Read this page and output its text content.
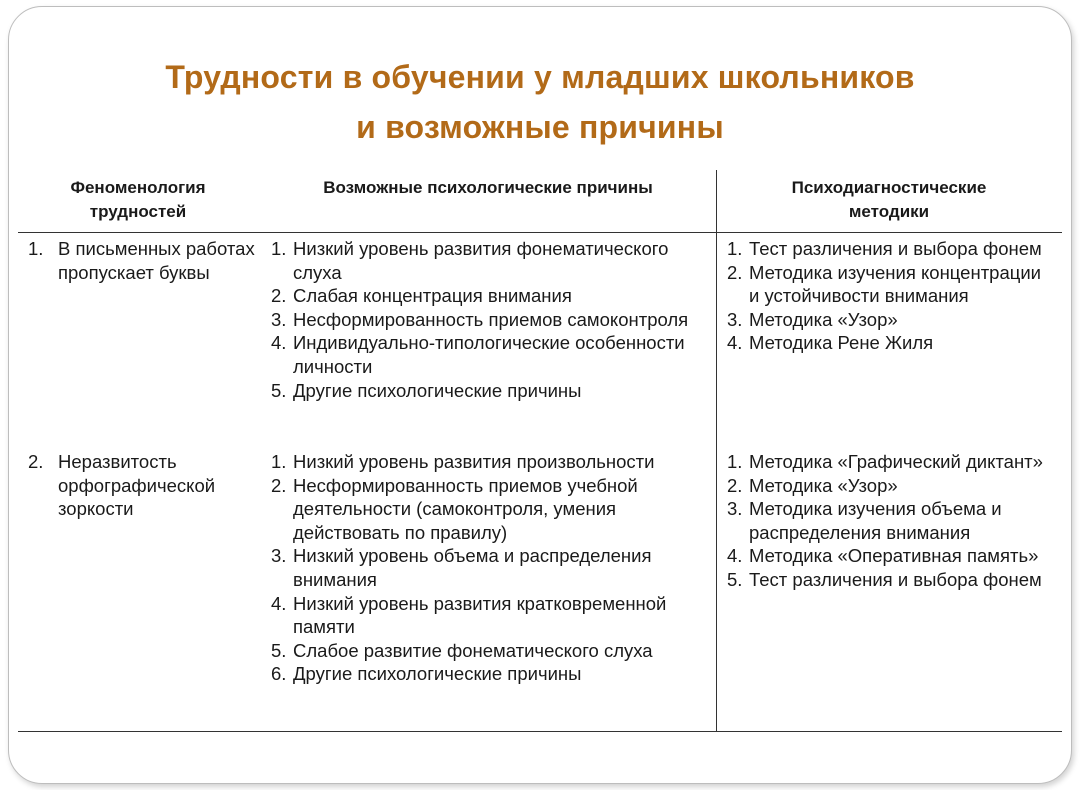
Трудности в обучении у младших школьников
и возможные причины
Феноменология трудностей
Возможные психологические причины	Психодиагностические методики
1. В письменных работах пропускает буквы
1. Низкий уровень развития фонематического слуха
2. Слабая концентрация внимания
3. Несформированность приемов самоконтроля
4. Индивидуально-типологические особенности личности
5. Другие психологические причины
1. Тест различения и выбора фонем
2. Методика изучения концентрации и устойчивости внимания
3. Методика «Узор»
4. Методика Рене Жиля
2. Неразвитость орфографической зоркости
1. Низкий уровень развития произвольности
2. Несформированность приемов учебной деятельности (самоконтроля, умения действовать по правилу)
3. Низкий уровень объема и распределения внимания
4. Низкий уровень развития кратковременной памяти
5. Слабое развитие фонематического слуха
6. Другие психологические причины
1. Методика «Графический диктант»
2. Методика «Узор»
3. Методика изучения объема и распределения внимания
4. Методика «Оперативная память»
5. Тест различения и выбора фонем
